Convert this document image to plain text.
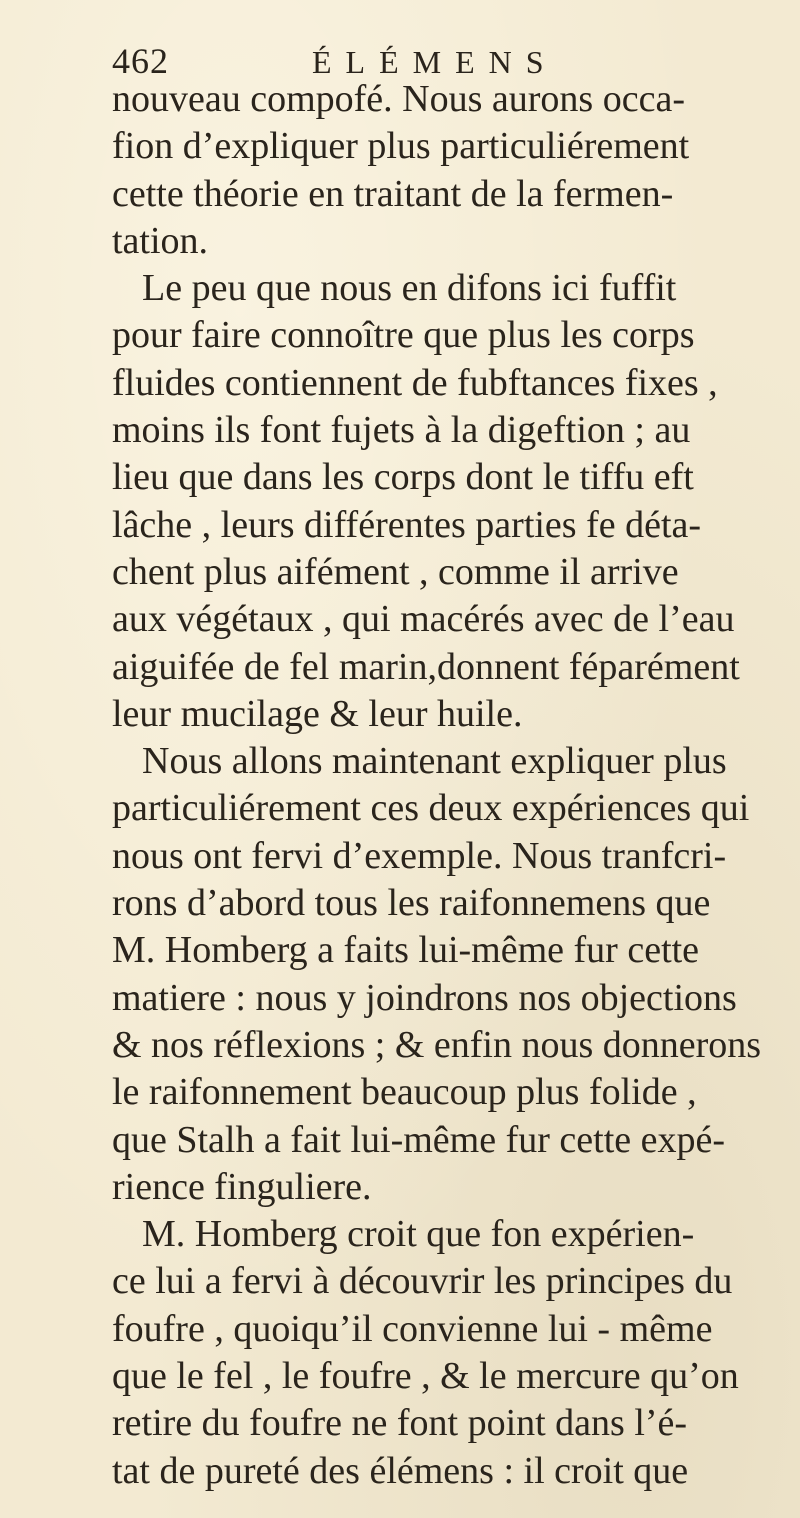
462	ÉLÉMENS
nouveau compofé. Nous aurons occa-
fion d’expliquer plus particuliérement
cette théorie en traitant de la fermen-
tation.
Le peu que nous en difons ici fuffit
pour faire connoître que plus les corps
fluides contiennent de fubftances fixes ,
moins ils font fujets à la digeftion ; au
lieu que dans les corps dont le tiffu eft
lâche , leurs différentes parties fe déta-
chent plus aifément , comme il arrive
aux végétaux , qui macérés avec de l’eau
aiguifée de fel marin,donnent féparément
leur mucilage & leur huile.
Nous allons maintenant expliquer plus
particuliérement ces deux expériences qui
nous ont fervi d’exemple. Nous tranfcri-
rons d’abord tous les raifonnemens que
M. Homberg a faits lui-même fur cette
matiere : nous y joindrons nos objections
& nos réflexions ; & enfin nous donnerons
le raifonnement beaucoup plus folide ,
que Stalh a fait lui-même fur cette expé-
rience finguliere.
M. Homberg croit que fon expérien-
ce lui a fervi à découvrir les principes du
foufre , quoiqu’il convienne lui - même
que le fel , le foufre , & le mercure qu’on
retire du foufre ne font point dans l’é-
tat de pureté des élémens : il croit que
